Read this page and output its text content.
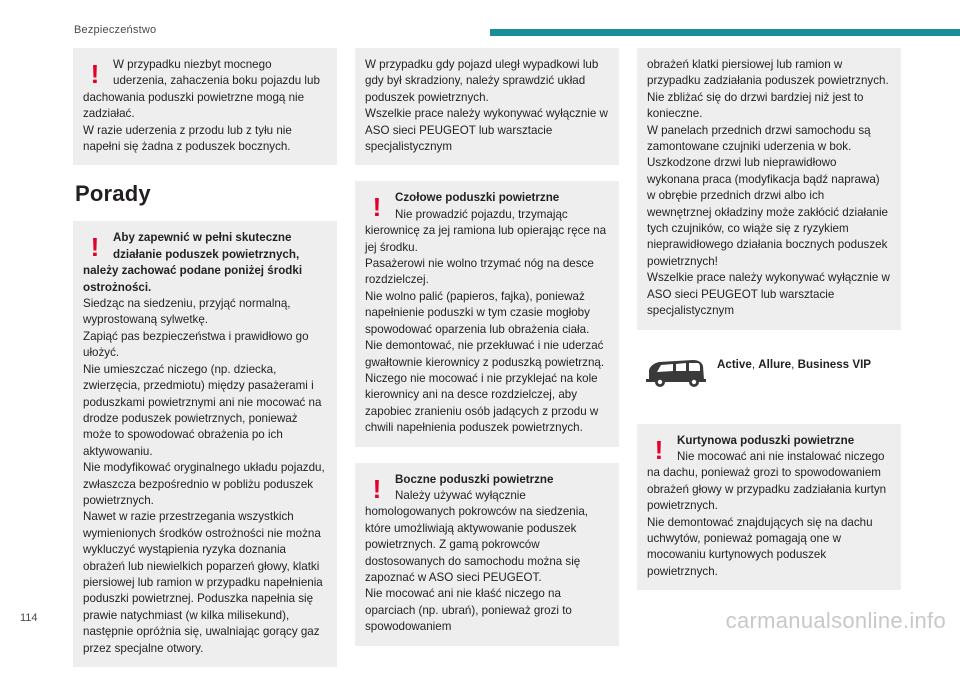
Bezpieczeństwo
!	W przypadku niezbyt mocnego uderzenia, zahaczenia boku pojazdu lub dachowania poduszki powietrzne mogą nie zadziałać.

W razie uderzenia z przodu lub z tyłu nie napełni się żadna z poduszek bocznych.

Porady
!	Aby zapewnić w pełni skuteczne działanie poduszek powietrznych, należy zachować podane poniżej środki ostrożności.

Siedząc na siedzeniu, przyjąć normalną, wyprostowaną sylwetkę.

Zapiąć pas bezpieczeństwa i prawidłowo go ułożyć.

Nie umieszczać niczego (np. dziecka, zwierzęcia, przedmiotu) między pasażerami i poduszkami powietrznymi ani nie mocować na drodze poduszek powietrznych, ponieważ może to spowodować obrażenia po ich aktywowaniu.

Nie modyfikować oryginalnego układu pojazdu, zwłaszcza bezpośrednio w pobliżu poduszek powietrznych.

Nawet w razie przestrzegania wszystkich wymienionych środków ostrożności nie można wykluczyć wystąpienia ryzyka doznania obrażeń lub niewielkich poparzeń głowy, klatki piersiowej lub ramion w przypadku napełnienia poduszki powietrznej. Poduszka napełnia się prawie natychmiast (w kilka milisekund), następnie opróżnia się, uwalniając gorący gaz przez specjalne otwory.

W przypadku gdy pojazd uległ wypadkowi lub gdy był skradziony, należy sprawdzić układ poduszek powietrznych.

Wszelkie prace należy wykonywać wyłącznie w ASO sieci PEUGEOT lub warsztacie specjalistycznym

!	Czołowe poduszki powietrzne

Nie prowadzić pojazdu, trzymając kierownicę za jej ramiona lub opierając ręce na jej środku.

Pasażerowi nie wolno trzymać nóg na desce rozdzielczej.

Nie wolno palić (papieros, fajka), ponieważ napełnienie poduszki w tym czasie mogłoby spowodować oparzenia lub obrażenia ciała.

Nie demontować, nie przekłuwać i nie uderzać gwałtownie kierownicy z poduszką powietrzną.

Niczego nie mocować i nie przyklejać na kole kierownicy ani na desce rozdzielczej, aby zapobiec zranieniu osób jadących z przodu w chwili napełnienia poduszek powietrznych.

!	Boczne poduszki powietrzne

Należy używać wyłącznie homologowanych pokrowców na siedzenia, które umożliwiają aktywowanie poduszek powietrznych. Z gamą pokrowców dostosowanych do samochodu można się zapoznać w ASO sieci PEUGEOT.

Nie mocować ani nie kłaść niczego na oparciach (np. ubrań), ponieważ grozi to spowodowaniem

obrażeń klatki piersiowej lub ramion w przypadku zadziałania poduszek powietrznych.

Nie zbliżać się do drzwi bardziej niż jest to konieczne.

W panelach przednich drzwi samochodu są zamontowane czujniki uderzenia w bok.

Uszkodzone drzwi lub nieprawidłowo wykonana praca (modyfikacja bądź naprawa) w obrębie przednich drzwi albo ich wewnętrznej okładziny może zakłócić działanie tych czujników, co wiąże się z ryzykiem nieprawidłowego działania bocznych poduszek powietrznych!

Wszelkie prace należy wykonywać wyłącznie w ASO sieci PEUGEOT lub warsztacie specjalistycznym

Active, Allure, Business VIP
!	Kurtynowa poduszki powietrzne

Nie mocować ani nie instalować niczego na dachu, ponieważ grozi to spowodowaniem obrażeń głowy w przypadku zadziałania kurtyn powietrznych.

Nie demontować znajdujących się na dachu uchwytów, ponieważ pomagają one w mocowaniu kurtynowych poduszek powietrznych.

114	carmanualsonline.info
